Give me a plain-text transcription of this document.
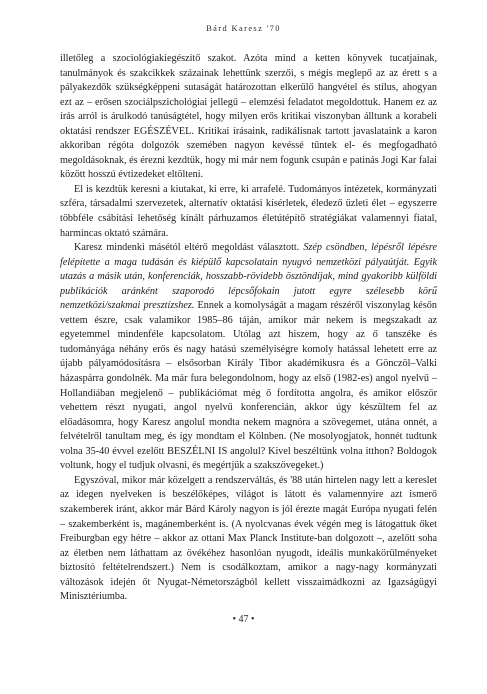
Bárd Karesz '70

illetőleg a szociológiakiegészítő szakot. Azóta mind a ketten könyvek tucatjainak, tanulmányok és szakcikkek százainak lehettünk szerzői, s mégis meglepő az az érett s a pályakezdők szükségképpeni sutaságát határozottan elkerülő hangvétel és stílus, ahogyan ezt az – erősen szociálpszichológiai jellegű – elemzési feladatot megoldottuk. Hanem ez az írás arról is árulkodó tanúságtétel, hogy milyen erős kritikai viszonyban álltunk a korabeli oktatási rendszer EGÉSZÉVEL. Kritikai írásaink, radikálisnak tartott javaslataink a karon akkoriban régóta dolgozók szemében nagyon kevéssé tűntek el- és megfogadható megoldásoknak, és érezni kezdtük, hogy mi már nem fogunk csupán e patinás Jogi Kar falai között hosszú évtizedeket eltölteni.

El is kezdtük keresni a kiutakat, ki erre, ki arrafelé. Tudományos intézetek, kormányzati szféra, társadalmi szervezetek, alternatív oktatási kísérletek, éledező üzleti élet – egyszerre többféle csábítási lehetőség kínált párhuzamos életútépítő stratégiákat valamennyi fiatal, harmincas oktató számára.

Karesz mindenki másétól eltérő megoldást választott. Szép csöndben, lépésről lépésre felépítette a maga tudásán és kiépülő kapcsolatain nyugvó nemzetközi pályaútját. Egyik utazás a másik után, konferenciák, hosszabb-rövidebb ösztöndíjak, mind gyakoribb külföldi publikációk aránként szaporodó lépcsőfokain jutott egyre szélesebb körű nemzetközi/szakmai presztízshez. Ennek a komolyságát a magam részéről viszonylag későn vettem észre, csak valamikor 1985–86 táján, amikor már nekem is megszakadt az egyetemmel mindenféle kapcsolatom. Utólag azt hiszem, hogy az ő tanszéke és tudományága néhány erős és nagy hatású személyiségre komoly hatással lehetett erre az újabb pályamódosításra – elsősorban Király Tibor akadémikusra és a Gönczöl–Valki házaspárra gondolnék. Ma már fura belegondolnom, hogy az első (1982-es) angol nyelvű – Hollandiában megjelenő – publikációmat még ő fordította angolra, és amikor először vehettem részt nyugati, angol nyelvű konferencián, akkor úgy készültem fel az előadásomra, hogy Karesz angolul mondta nekem magnóra a szövegemet, utána onnét, a felvételről tanultam meg, és így mondtam el Kölnben. (Ne mosolyogjatok, honnét tudtunk volna 35-40 évvel ezelőtt BESZÉLNI IS angolul? Kivel beszéltünk volna itthon? Boldogok voltunk, hogy el tudjuk olvasni, és megértjük a szakszövegeket.)

Egyszóval, mikor már közelgett a rendszerváltás, és '88 után hirtelen nagy lett a kereslet az idegen nyelveken is beszélőképes, világot is látott és valamennyire azt ismerő szakemberek iránt, akkor már Bárd Károly nagyon is jól érezte magát Európa nyugati felén – szakemberként is, magánemberként is. (A nyolcvanas évek végén meg is látogattuk őket Freiburgban egy hétre – akkor az ottani Max Planck Institute-ban dolgozott –, azelőtt soha az életben nem láthattam az övékéhez hasonlóan nyugodt, ideális munkakörülményeket biztosító feltételrendszert.) Nem is csodálkoztam, amikor a nagy-nagy kormányzati változások idején őt Nyugat-Németországból kellett visszaimádkozni az Igazságügyi Minisztériumba.

• 47 •
